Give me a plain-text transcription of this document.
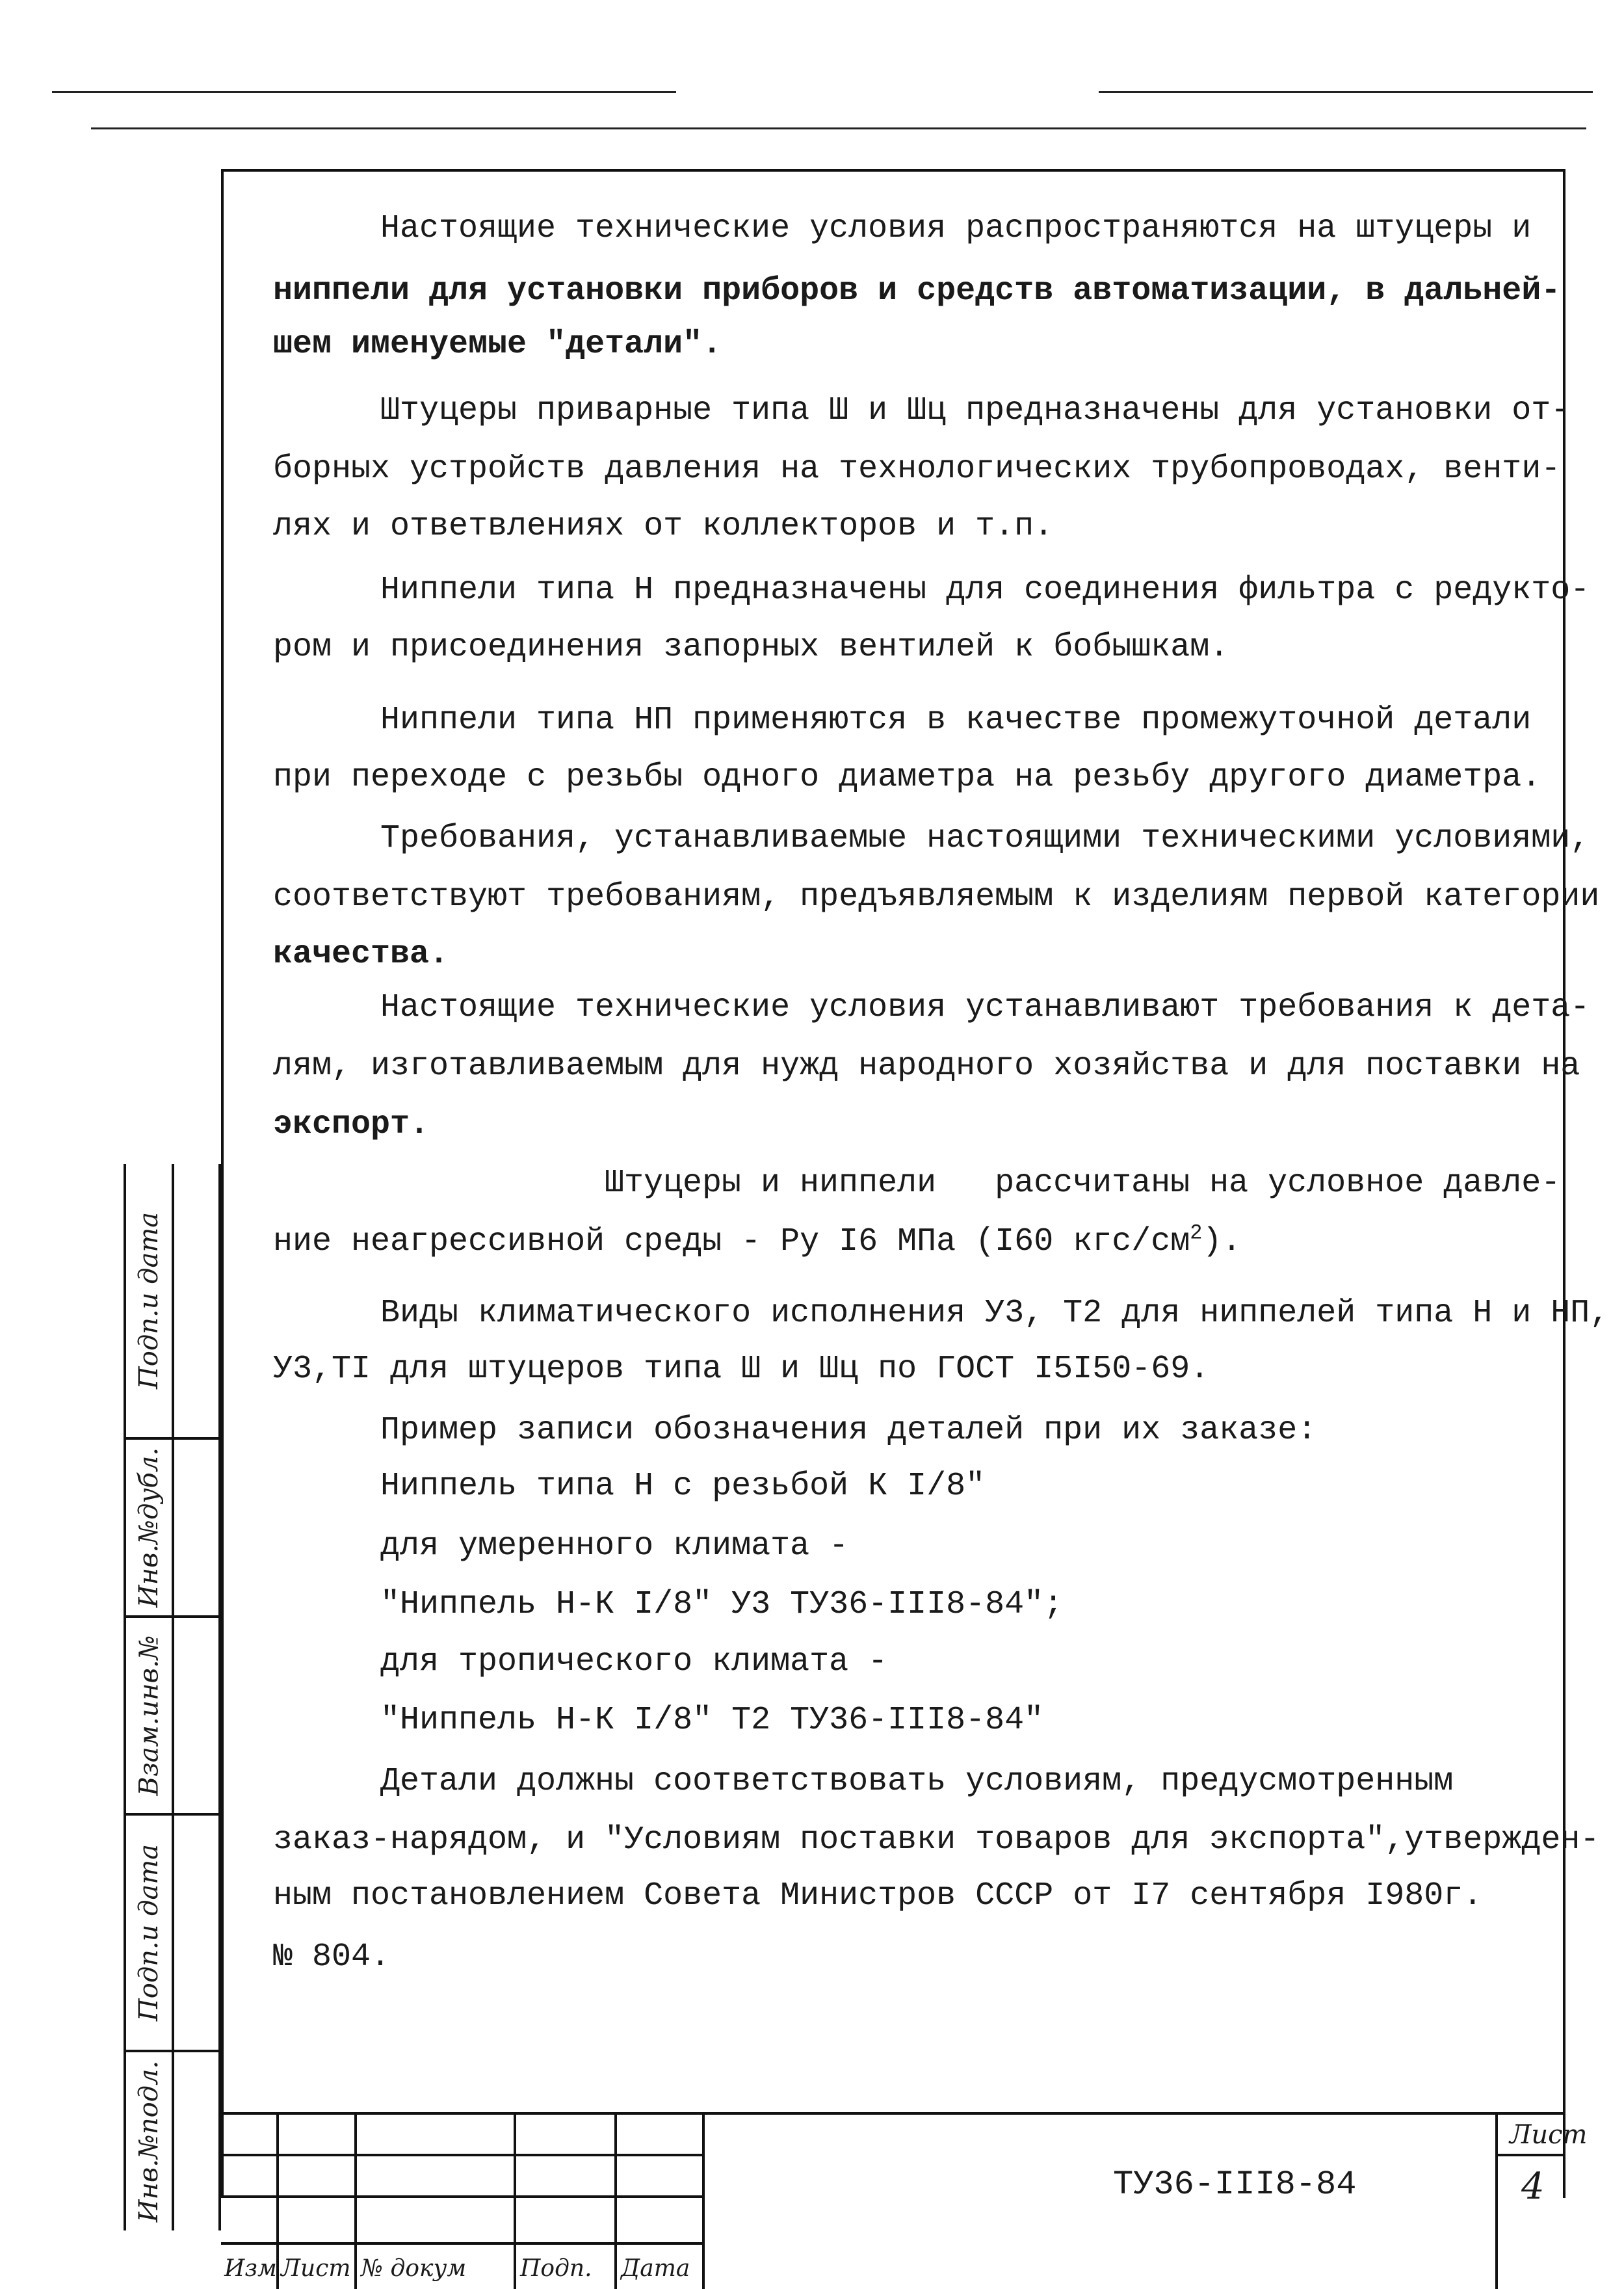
Настоящие технические условия распространяются на штуцеры и
ниппели для установки приборов и средств автоматизации, в дальней-
шем именуемые "детали".
Штуцеры приварные типа Ш и Шц предназначены для установки от-
борных устройств давления на технологических трубопроводах, венти-
лях и ответвлениях от коллекторов и т.п.
Ниппели типа Н предназначены для соединения фильтра с редукто-
ром и присоединения запорных вентилей к бобышкам.
Ниппели типа НП применяются в качестве промежуточной детали
при переходе с резьбы одного диаметра на резьбу другого диаметра.
Требования, устанавливаемые настоящими техническими условиями,
соответствуют требованиям, предъявляемым к изделиям первой категории
качества.
Настоящие технические условия устанавливают требования к дета-
лям, изготавливаемым для нужд народного хозяйства и для поставки на
экспорт.
Штуцеры и ниппели   рассчитаны на условное давле-
ние неагрессивной среды - Ру I6 МПа (I60 кгс/$см^2$).
Виды климатического исполнения У3, Т2 для ниппелей типа Н и НП,
У3,ТI для штуцеров типа Ш и Шц по ГОСТ I5I50-69.
Пример записи обозначения деталей при их заказе:
Ниппель типа Н с резьбой К I/8"
для умеренного климата -
"Ниппель Н-К I/8" У3 ТУ36-III8-84";
для тропического климата -
"Ниппель Н-К I/8" Т2 ТУ36-III8-84"
Детали должны соответствовать условиям, предусмотренным
заказ-нарядом, и "Условиям поставки товаров для экспорта",утвержден-
ным постановлением Совета Министров СССР от I7 сентября I980г.
№ 804.
Подп.и дата
Инв.№дубл.
Взам.инв.№
Подп.и дата
Инв.№подл.
Изм Лист № докум Подп. Дата
ТУ36-III8-84
Лист
4
